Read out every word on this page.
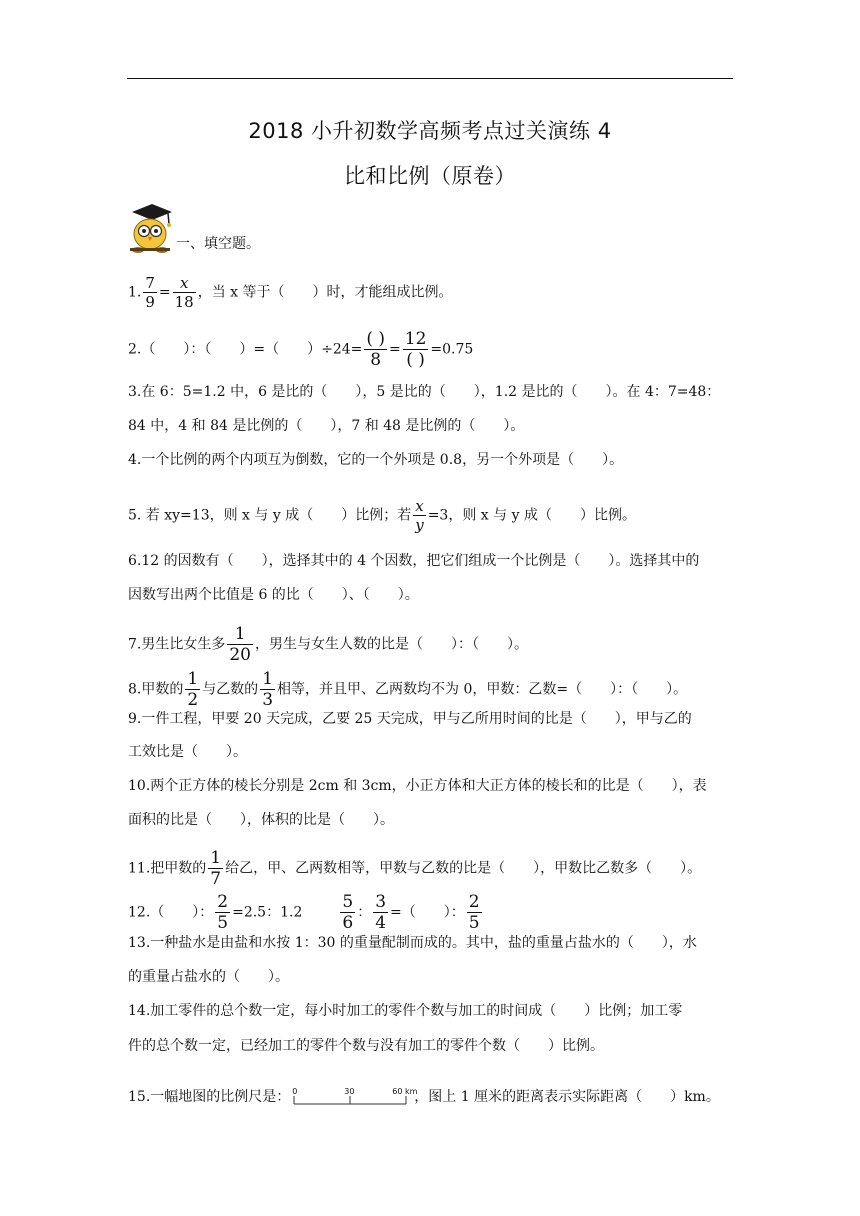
2018 小升初数学高频考点过关演练 4
比和比例（原卷）
一、填空题。
1. $\frac{7}{9} = \frac{x}{18}$ ，当 x 等于（　　）时，才能组成比例。
2.（　　）：（　　）=（　　）$\div 24= \frac{( )}{8} = \frac{12}{( )} =0.75$
3.在 6：5=1.2 中，6 是比的（　　），5 是比的（　　），1.2 是比的（　　）。在 4：7=48：
84 中，4 和 84 是比例的（　　），7 和 48 是比例的（　　）。
4.一个比例的两个内项互为倒数，它的一个外项是 0.8，另一个外项是（　　）。
5. 若 xy=13，则 x 与 y 成（　　）比例；若 $\frac{x}{y} =3$，则 x 与 y 成（　　）比例。
6.12 的因数有（　　），选择其中的 4 个因数，把它们组成一个比例是（　　）。选择其中的
因数写出两个比值是 6 的比（　　）、（　　）。
7.男生比女生多 $\frac{1}{20}$ ，男生与女生人数的比是（　　）：（　　）。
8.甲数的 $\frac{1}{2}$ 与乙数的 $\frac{1}{3}$ 相等，并且甲、乙两数均不为 0，甲数：乙数=（　　）：（　　）。
9.一件工程，甲要 20 天完成，乙要 25 天完成，甲与乙所用时间的比是（　　），甲与乙的
工效比是（　　）。
10.两个正方体的棱长分别是 2cm 和 3cm，小正方体和大正方体的棱长和的比是（　　），表
面积的比是（　　），体积的比是（　　）。
11.把甲数的 $\frac{1}{7}$ 给乙，甲、乙两数相等，甲数与乙数的比是（　　），甲数比乙数多（　　）。
12.（　　）： $\frac{2}{5} =2.5$：$1.2 \frac{5}{6}$ ： $\frac{3}{4}$ =（　　）： $\frac{2}{5}$
13.一种盐水是由盐和水按 1：30 的重量配制而成的。其中，盐的重量占盐水的（　　），水
的重量占盐水的（　　）。
14.加工零件的总个数一定，每小时加工的零件个数与加工的时间成（　　）比例；加工零
件的总个数一定，已经加工的零件个数与没有加工的零件个数（　　）比例。
15.一幅地图的比例尺是： 0	30	60 km
，图上 1 厘米的距离表示实际距离（　　）km。
